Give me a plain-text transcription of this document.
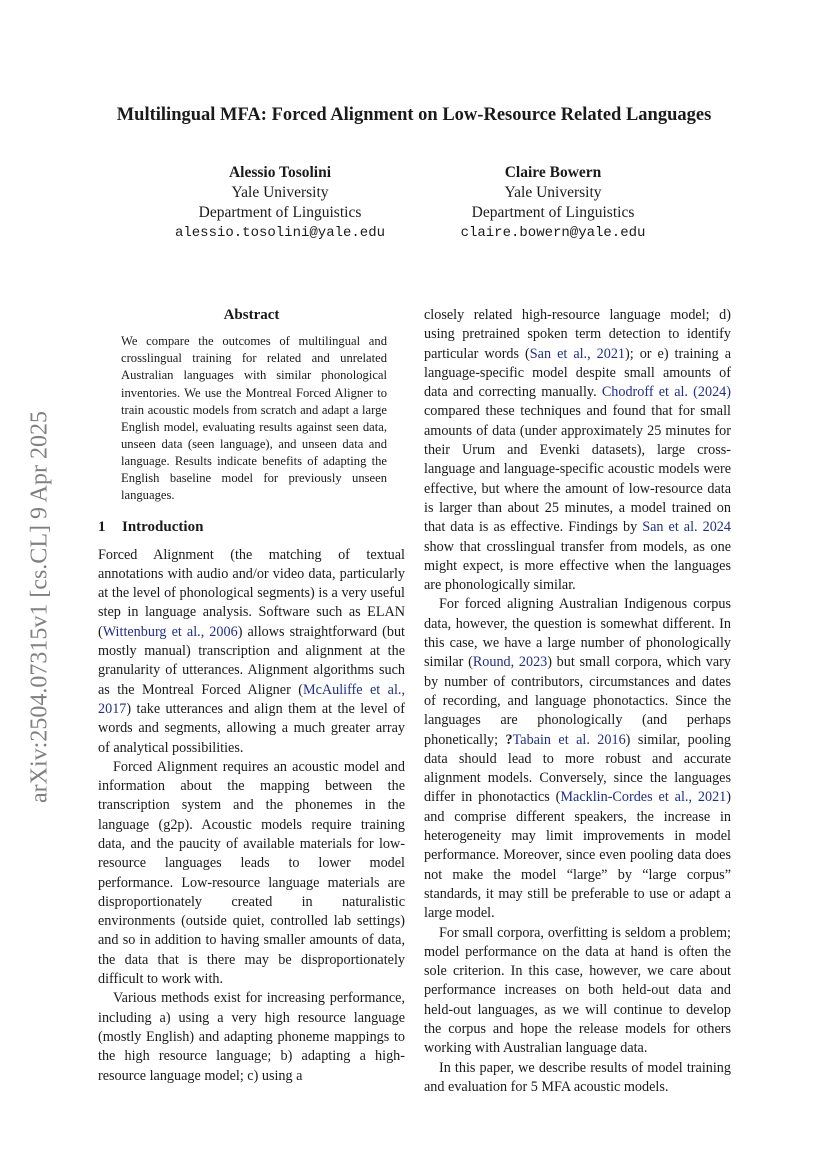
Multilingual MFA: Forced Alignment on Low-Resource Related Languages
Alessio Tosolini
Yale University
Department of Linguistics
alessio.tosolini@yale.edu
Claire Bowern
Yale University
Department of Linguistics
claire.bowern@yale.edu
arXiv:2504.07315v1 [cs.CL] 9 Apr 2025
Abstract
We compare the outcomes of multilingual and crosslingual training for related and unrelated Australian languages with similar phonological inventories. We use the Montreal Forced Aligner to train acoustic models from scratch and adapt a large English model, evaluating results against seen data, unseen data (seen language), and unseen data and language. Results indicate benefits of adapting the English baseline model for previously unseen languages.
1 Introduction

Forced Alignment (the matching of textual annotations with audio and/or video data, particularly at the level of phonological segments) is a very useful step in language analysis. Software such as ELAN (Wittenburg et al., 2006) allows straightforward (but mostly manual) transcription and alignment at the granularity of utterances. Alignment algorithms such as the Montreal Forced Aligner (McAuliffe et al., 2017) take utterances and align them at the level of words and segments, allowing a much greater array of analytical possibilities.

Forced Alignment requires an acoustic model and information about the mapping between the transcription system and the phonemes in the language (g2p). Acoustic models require training data, and the paucity of available materials for low-resource languages leads to lower model performance. Low-resource language materials are disproportionately created in naturalistic environments (outside quiet, controlled lab settings) and so in addition to having smaller amounts of data, the data that is there may be disproportionately difficult to work with.

Various methods exist for increasing performance, including a) using a very high resource language (mostly English) and adapting phoneme mappings to the high resource language; b) adapting a high-resource language model; c) using a

closely related high-resource language model; d) using pretrained spoken term detection to identify particular words (San et al., 2021); or e) training a language-specific model despite small amounts of data and correcting manually. Chodroff et al. (2024) compared these techniques and found that for small amounts of data (under approximately 25 minutes for their Urum and Evenki datasets), large cross-language and language-specific acoustic models were effective, but where the amount of low-resource data is larger than about 25 minutes, a model trained on that data is as effective. Findings by San et al. 2024 show that crosslingual transfer from models, as one might expect, is more effective when the languages are phonologically similar.

For forced aligning Australian Indigenous corpus data, however, the question is somewhat different. In this case, we have a large number of phonologically similar (Round, 2023) but small corpora, which vary by number of contributors, circumstances and dates of recording, and language phonotactics. Since the languages are phonologically (and perhaps phonetically; ?Tabain et al. 2016) similar, pooling data should lead to more robust and accurate alignment models. Conversely, since the languages differ in phonotactics (Macklin-Cordes et al., 2021) and comprise different speakers, the increase in heterogeneity may limit improvements in model performance. Moreover, since even pooling data does not make the model “large” by “large corpus” standards, it may still be preferable to use or adapt a large model.

For small corpora, overfitting is seldom a problem; model performance on the data at hand is often the sole criterion. In this case, however, we care about performance increases on both held-out data and held-out languages, as we will continue to develop the corpus and hope the release models for others working with Australian language data.

In this paper, we describe results of model training and evaluation for 5 MFA acoustic models.
